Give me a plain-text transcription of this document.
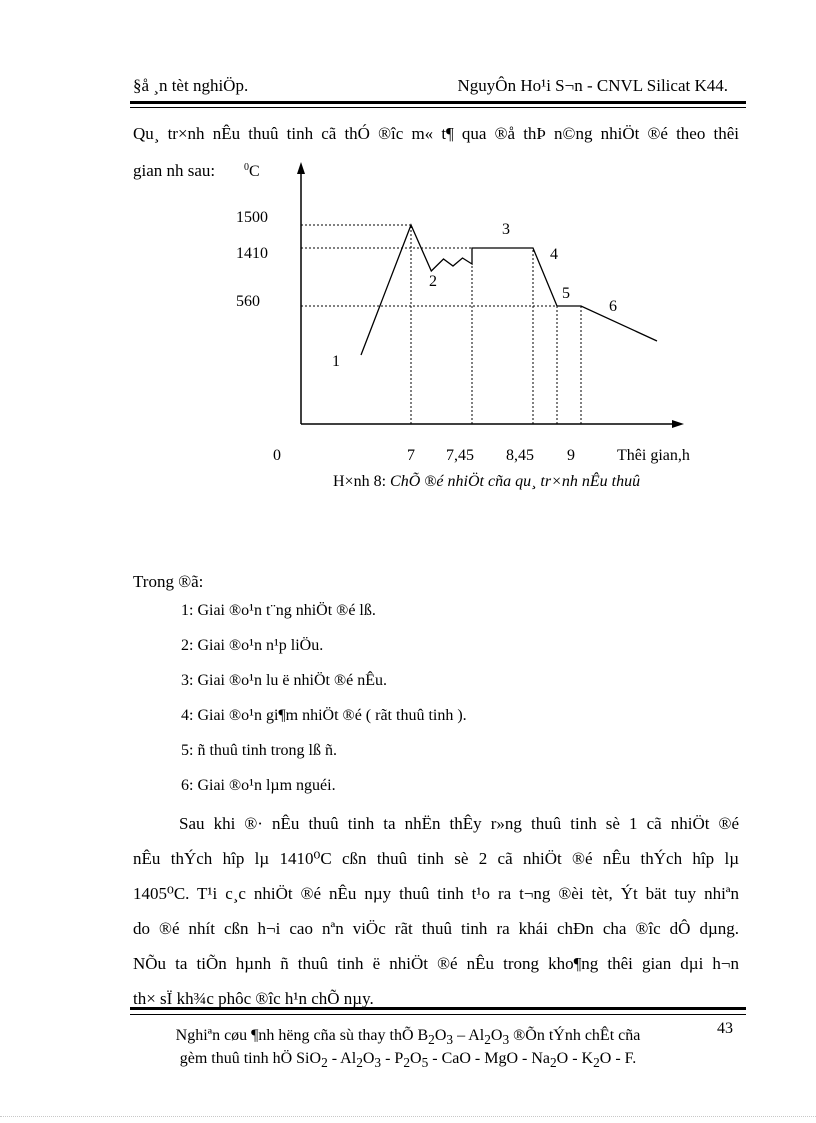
§å ¸n tèt nghiÖp.	NguyÔn Ho¹i S¬n - CNVL Silicat K44.
Qu¸ tr×nh nÊu thuû tinh cã thÓ ®îc m« t¶ qua ®å thÞ n©ng nhiÖt ®é theo thêi
gian nh sau:	$^0$C
1500
1410
560
0	7 7,45 8,45 9	Thêi gian,h
1
2
3
4
5
6
H×nh 8: ChÕ ®é nhiÖt cña qu¸ tr×nh nÊu thuû
Trong ®ã:
1: Giai ®o¹n t¨ng nhiÖt ®é lß.
2: Giai ®o¹n n¹p liÖu.
3: Giai ®o¹n lu ë nhiÖt ®é nÊu.
4: Giai ®o¹n gi¶m nhiÖt ®é ( rãt thuû tinh ).
5: ñ thuû tinh trong lß ñ.
6: Giai ®o¹n lµm nguéi.
Sau khi ®· nÊu thuû tinh ta nhËn thÊy r»ng thuû tinh sè 1 cã nhiÖt ®é
nÊu thÝch hîp lµ 1410⁰C cßn thuû tinh sè 2 cã nhiÖt ®é nÊu thÝch hîp lµ
1405⁰C. T¹i c¸c nhiÖt ®é nÊu nµy thuû tinh t¹o ra t¬ng ®èi tèt, Ýt bät tuy nhiªn
do ®é nhít cßn h¬i cao nªn viÖc rãt thuû tinh ra khái chÐn cha ®îc dÔ dµng.
NÕu ta tiÕn hµnh ñ thuû tinh ë nhiÖt ®é nÊu trong kho¶ng thêi gian dµi h¬n
th× sÏ kh¾c phôc ®îc h¹n chÕ nµy.
Nghiªn cøu ¶nh hëng cña sù thay thÕ $B_2O_3 - Al_2O_3$ ®Õn tÝnh chÊt cña
gèm thuû tinh hÖ $SiO_2 - Al_2O_3 - P_2O_5$ - CaO - MgO - $Na_2O - K_2O$ - F.
43
